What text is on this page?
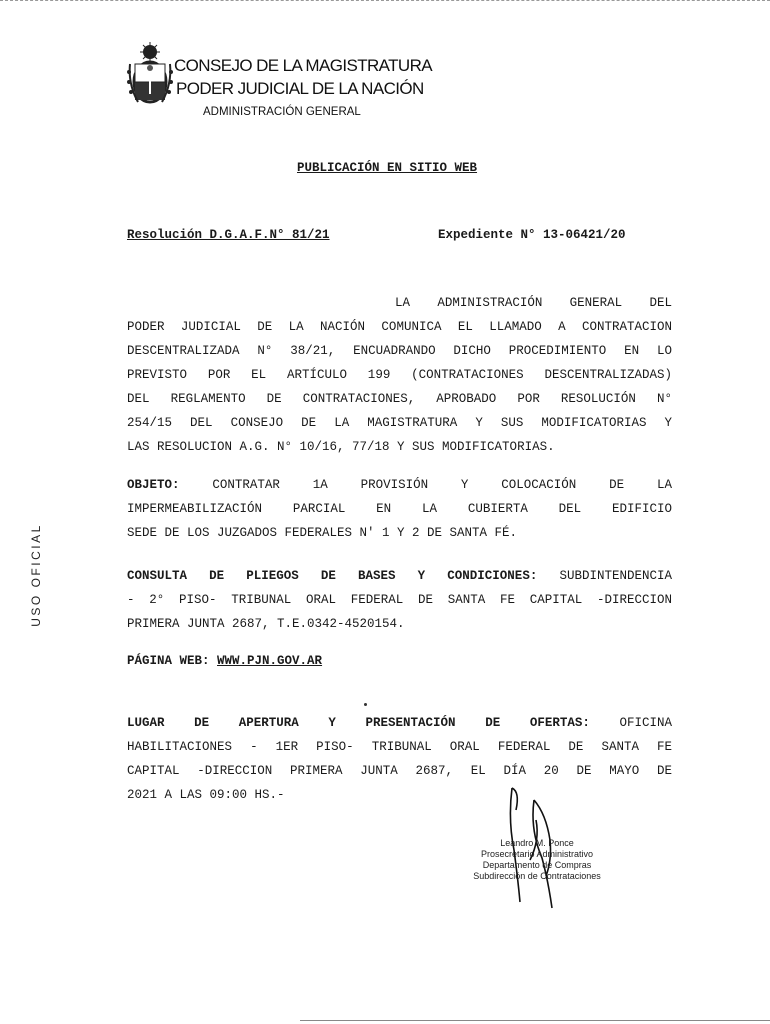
CONSEJO DE LA MAGISTRATURA
PODER JUDICIAL DE LA NACIÓN
ADMINISTRACIÓN GENERAL
PUBLICACIÓN EN SITIO WEB
Resolución D.G.A.F.N° 81/21	Expediente N° 13-06421/20
LA ADMINISTRACIÓN GENERAL DEL
PODER JUDICIAL DE LA NACIÓN COMUNICA EL LLAMADO A CONTRATACION
DESCENTRALIZADA N° 38/21, ENCUADRANDO DICHO PROCEDIMIENTO EN LO
PREVISTO POR EL ARTÍCULO 199 (CONTRATACIONES DESCENTRALIZADAS)
DEL REGLAMENTO DE CONTRATACIONES, APROBADO POR RESOLUCIÓN N°
254/15 DEL CONSEJO DE LA MAGISTRATURA Y SUS MODIFICATORIAS Y
LAS RESOLUCION A.G. N° 10/16, 77/18 Y SUS MODIFICATORIAS.
OBJETO:	CONTRATAR 1A PROVISIÓN Y COLOCACIÓN DE LA
IMPERMEABILIZACIÓN PARCIAL EN LA CUBIERTA DEL EDIFICIO
SEDE DE LOS JUZGADOS FEDERALES N' 1 Y 2 DE SANTA FÉ.
CONSULTA DE PLIEGOS DE BASES Y CONDICIONES: SUBDINTENDENCIA
- 2° PISO- TRIBUNAL ORAL FEDERAL DE SANTA FE CAPITAL -DIRECCION
PRIMERA JUNTA 2687, T.E.0342-4520154.
PÁGINA WEB: WWW.PJN.GOV.AR
LUGAR DE APERTURA Y PRESENTACIÓN DE OFERTAS: OFICINA
HABILITACIONES - 1ER PISO- TRIBUNAL ORAL FEDERAL DE SANTA FE
CAPITAL -DIRECCION PRIMERA JUNTA 2687, EL DÍA 20 DE MAYO DE
2021 A LAS 09:00 HS.-
USO OFICIAL
Leandro M. Ponce
Prosecretario Administrativo
Departamento de Compras
Subdirección de Contrataciones
